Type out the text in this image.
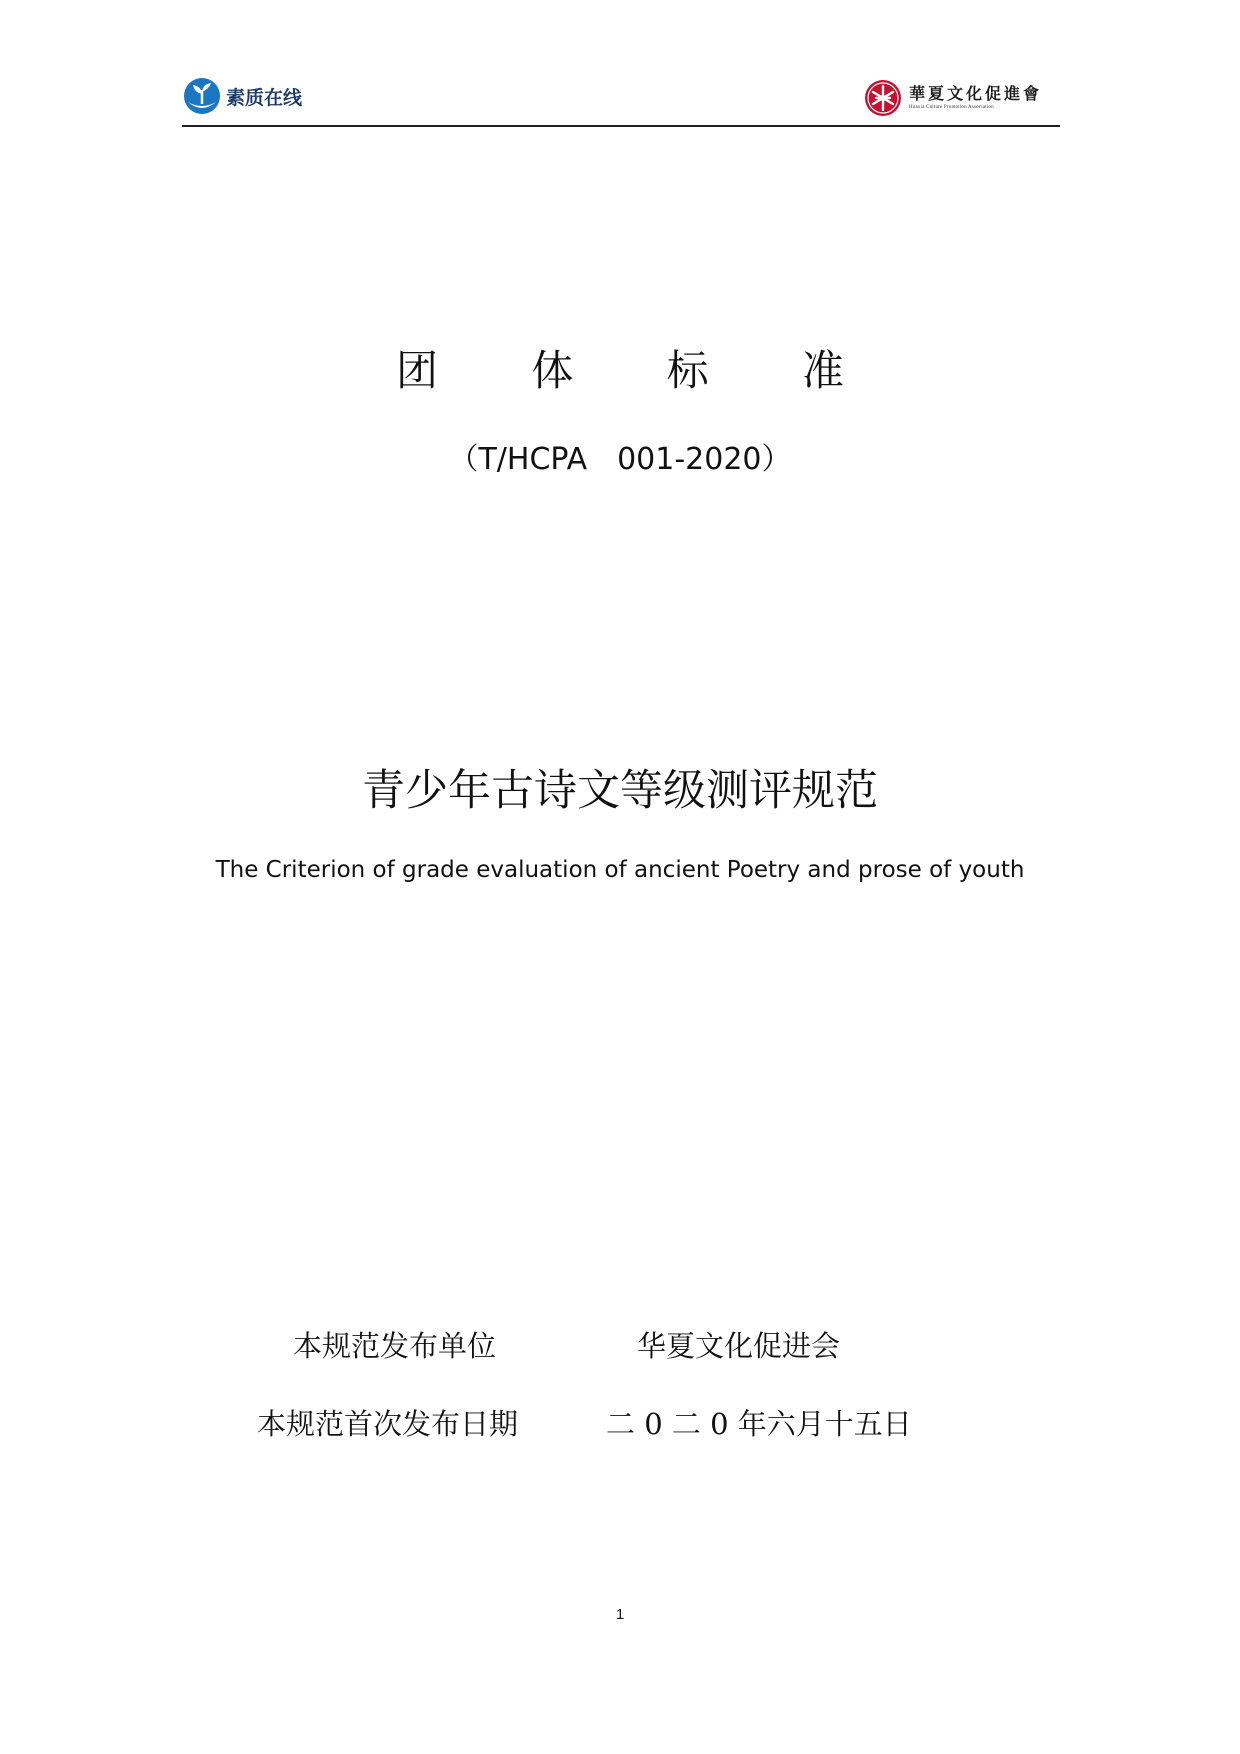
素质在线	華夏文化促進會
Huaxia Culture Promotion Association
团 体 标 准
（T/HCPA　001-2020）
青少年古诗文等级测评规范
The Criterion of grade evaluation of ancient Poetry and prose of youth
本规范发布单位	华夏文化促进会
本规范首次发布日期	二 0 二 0 年六月十五日
1
